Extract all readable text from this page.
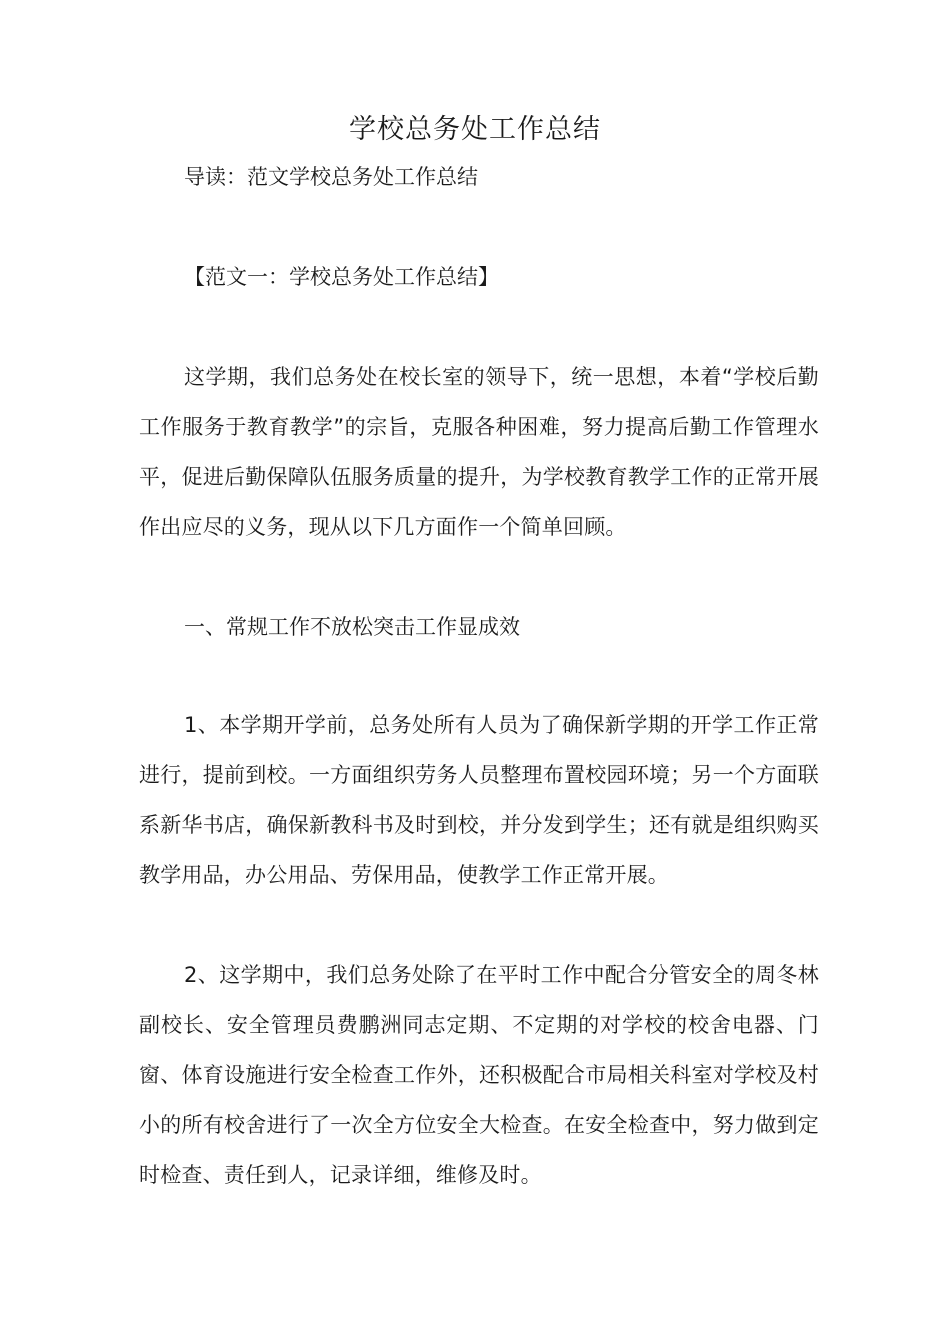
学校总务处工作总结
导读：范文学校总务处工作总结
【范文一：学校总务处工作总结】
这学期，我们总务处在校长室的领导下，统一思想，本着“学校后勤工作服务于教育教学”的宗旨，克服各种困难，努力提高后勤工作管理水平，促进后勤保障队伍服务质量的提升，为学校教育教学工作的正常开展作出应尽的义务，现从以下几方面作一个简单回顾。
一、常规工作不放松突击工作显成效
1、本学期开学前，总务处所有人员为了确保新学期的开学工作正常进行，提前到校。一方面组织劳务人员整理布置校园环境；另一个方面联系新华书店，确保新教科书及时到校，并分发到学生；还有就是组织购买教学用品，办公用品、劳保用品，使教学工作正常开展。
2、这学期中，我们总务处除了在平时工作中配合分管安全的周冬林副校长、安全管理员费鹏洲同志定期、不定期的对学校的校舍电器、门窗、体育设施进行安全检查工作外，还积极配合市局相关科室对学校及村小的所有校舍进行了一次全方位安全大检查。在安全检查中，努力做到定时检查、责任到人，记录详细，维修及时。
